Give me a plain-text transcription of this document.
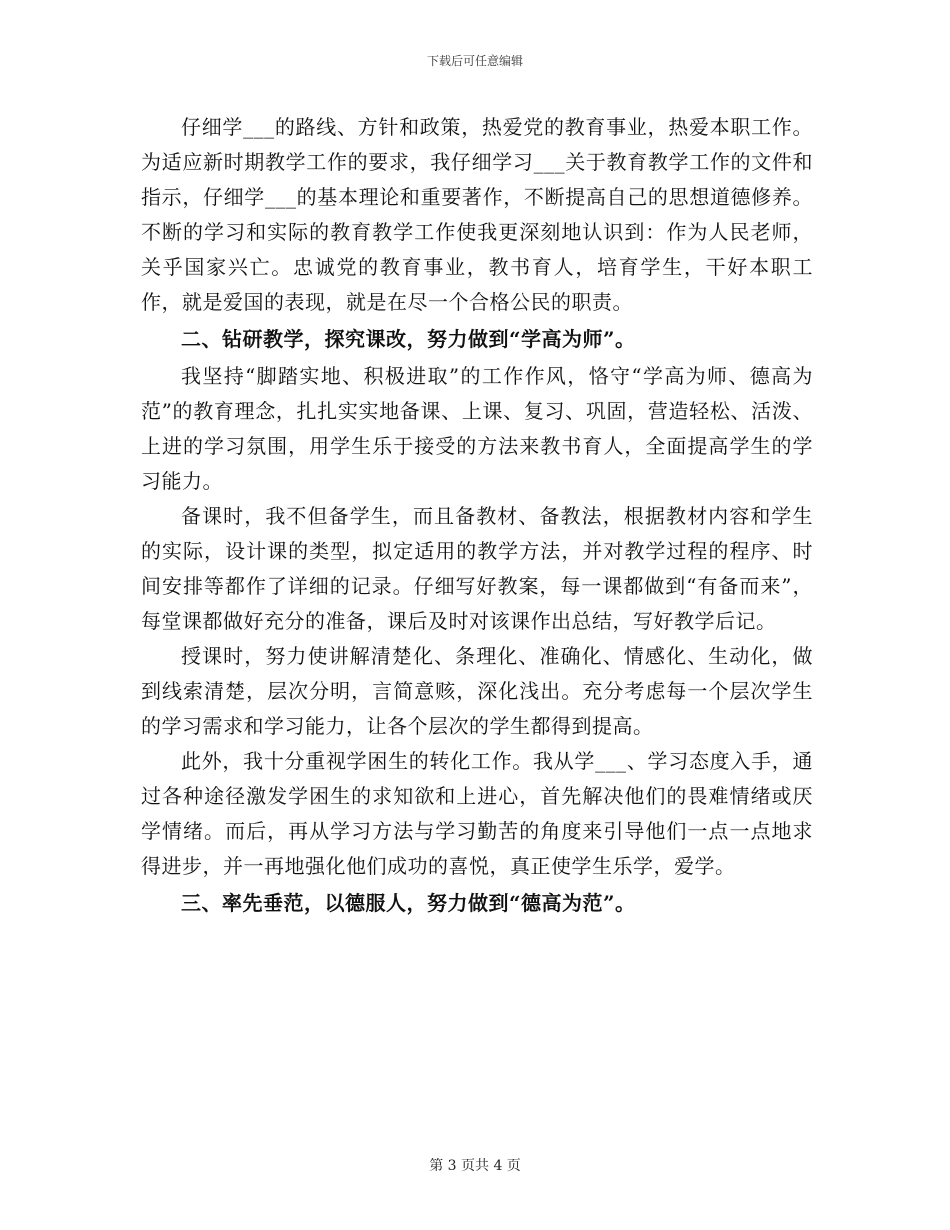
下载后可任意编辑

仔细学___的路线、方针和政策，热爱党的教育事业，热爱本职工作。为适应新时期教学工作的要求，我仔细学习___关于教育教学工作的文件和指示，仔细学___的基本理论和重要著作，不断提高自己的思想道德修养。不断的学习和实际的教育教学工作使我更深刻地认识到：作为人民老师，关乎国家兴亡。忠诚党的教育事业，教书育人，培育学生，干好本职工作，就是爱国的表现，就是在尽一个合格公民的职责。

二、钻研教学，探究课改，努力做到“学高为师”。

我坚持“脚踏实地、积极进取”的工作作风，恪守“学高为师、德高为范”的教育理念，扎扎实实地备课、上课、复习、巩固，营造轻松、活泼、上进的学习氛围，用学生乐于接受的方法来教书育人，全面提高学生的学习能力。

备课时，我不但备学生，而且备教材、备教法，根据教材内容和学生的实际，设计课的类型，拟定适用的教学方法，并对教学过程的程序、时间安排等都作了详细的记录。仔细写好教案，每一课都做到“有备而来”，每堂课都做好充分的准备，课后及时对该课作出总结，写好教学后记。

授课时，努力使讲解清楚化、条理化、准确化、情感化、生动化，做到线索清楚，层次分明，言简意赅，深化浅出。充分考虑每一个层次学生的学习需求和学习能力，让各个层次的学生都得到提高。

此外，我十分重视学困生的转化工作。我从学___、学习态度入手，通过各种途径激发学困生的求知欲和上进心，首先解决他们的畏难情绪或厌学情绪。而后，再从学习方法与学习勤苦的角度来引导他们一点一点地求得进步，并一再地强化他们成功的喜悦，真正使学生乐学，爱学。

三、率先垂范，以德服人，努力做到“德高为范”。

第 3 页共 4 页
